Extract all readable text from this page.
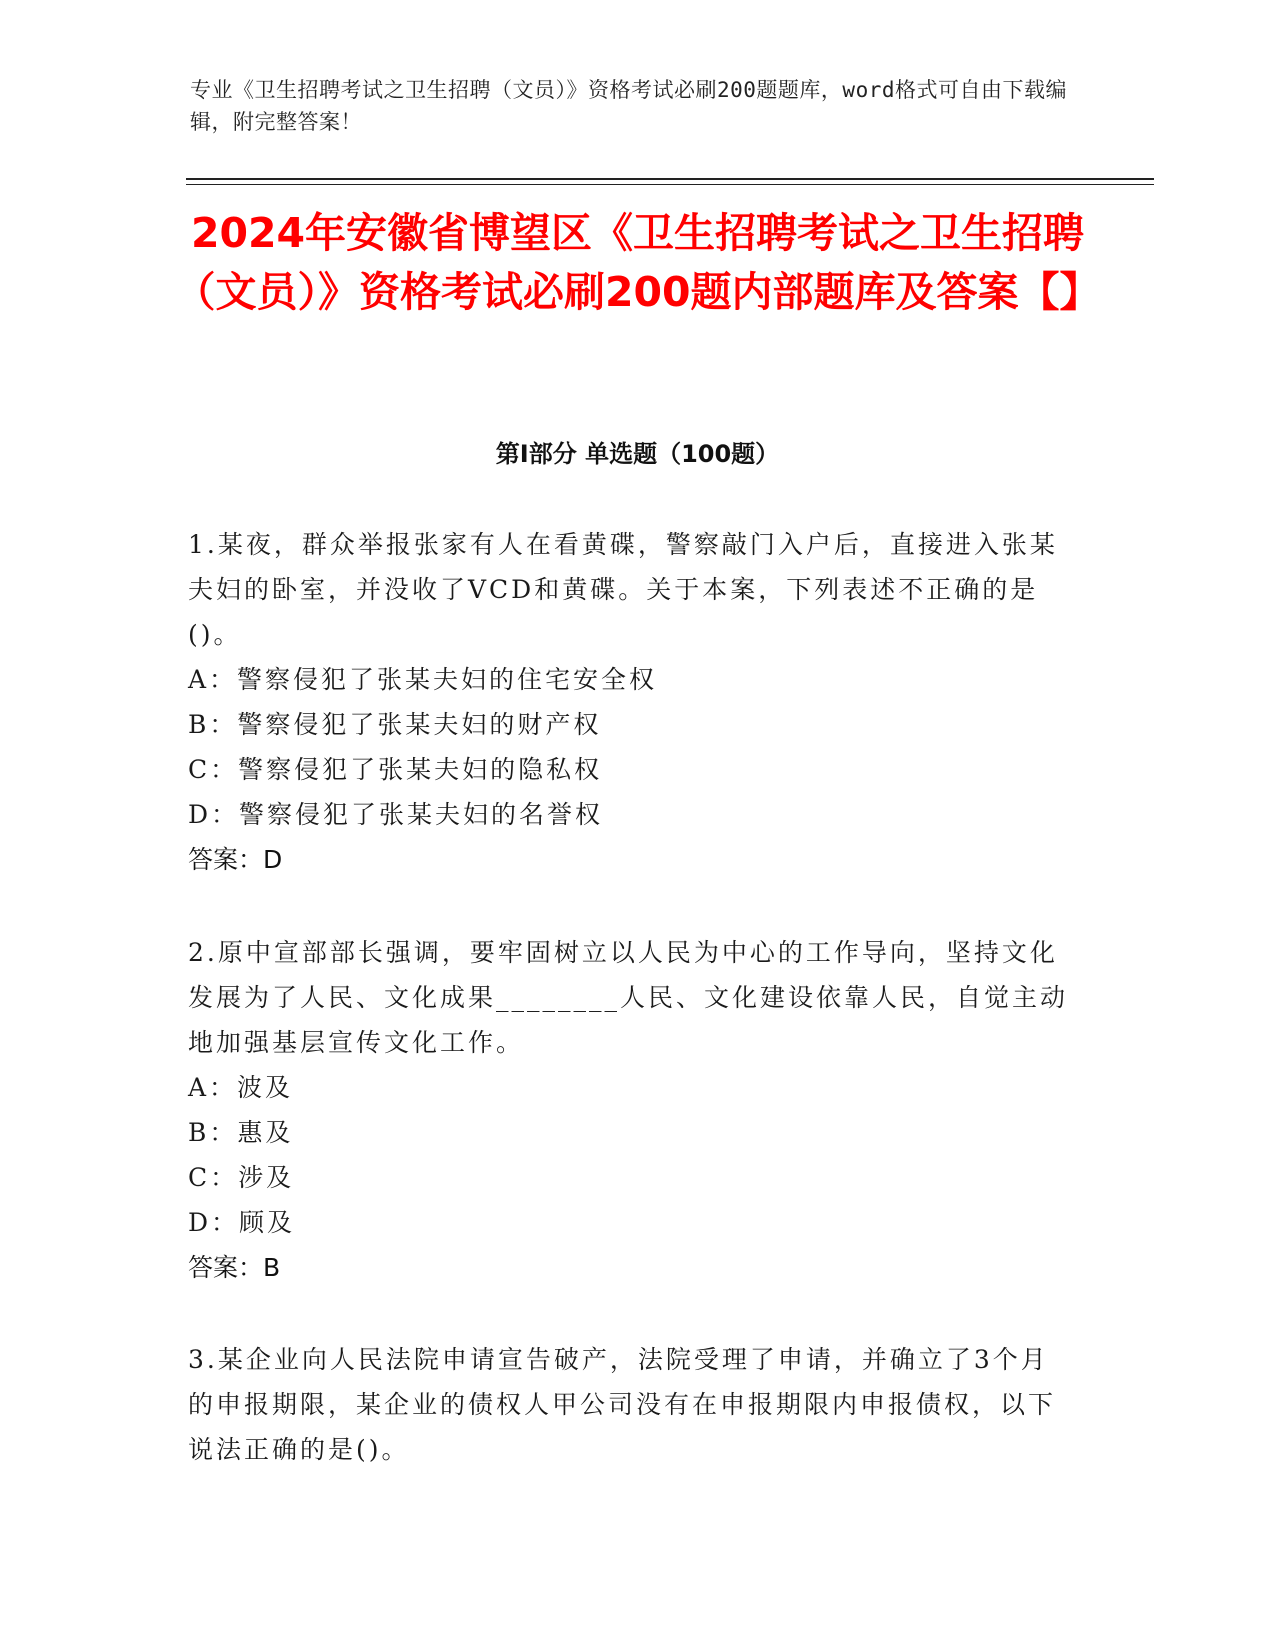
专业《卫生招聘考试之卫生招聘（文员）》资格考试必刷200题题库，word格式可自由下载编辑，附完整答案！
2024年安徽省博望区《卫生招聘考试之卫生招聘（文员）》资格考试必刷200题内部题库及答案【】
第Ⅰ部分 单选题（100题）

1.某夜，群众举报张家有人在看黄碟，警察敲门入户后，直接进入张某夫妇的卧室，并没收了VCD和黄碟。关于本案，下列表述不正确的是()。

A：警察侵犯了张某夫妇的住宅安全权

B：警察侵犯了张某夫妇的财产权

C：警察侵犯了张某夫妇的隐私权

D：警察侵犯了张某夫妇的名誉权

答案：D

2.原中宣部部长强调，要牢固树立以人民为中心的工作导向，坚持文化发展为了人民、文化成果________人民、文化建设依靠人民，自觉主动地加强基层宣传文化工作。

A：波及

B：惠及

C：涉及

D：顾及

答案：B

3.某企业向人民法院申请宣告破产，法院受理了申请，并确立了3个月的申报期限，某企业的债权人甲公司没有在申报期限内申报债权，以下说法正确的是()。
